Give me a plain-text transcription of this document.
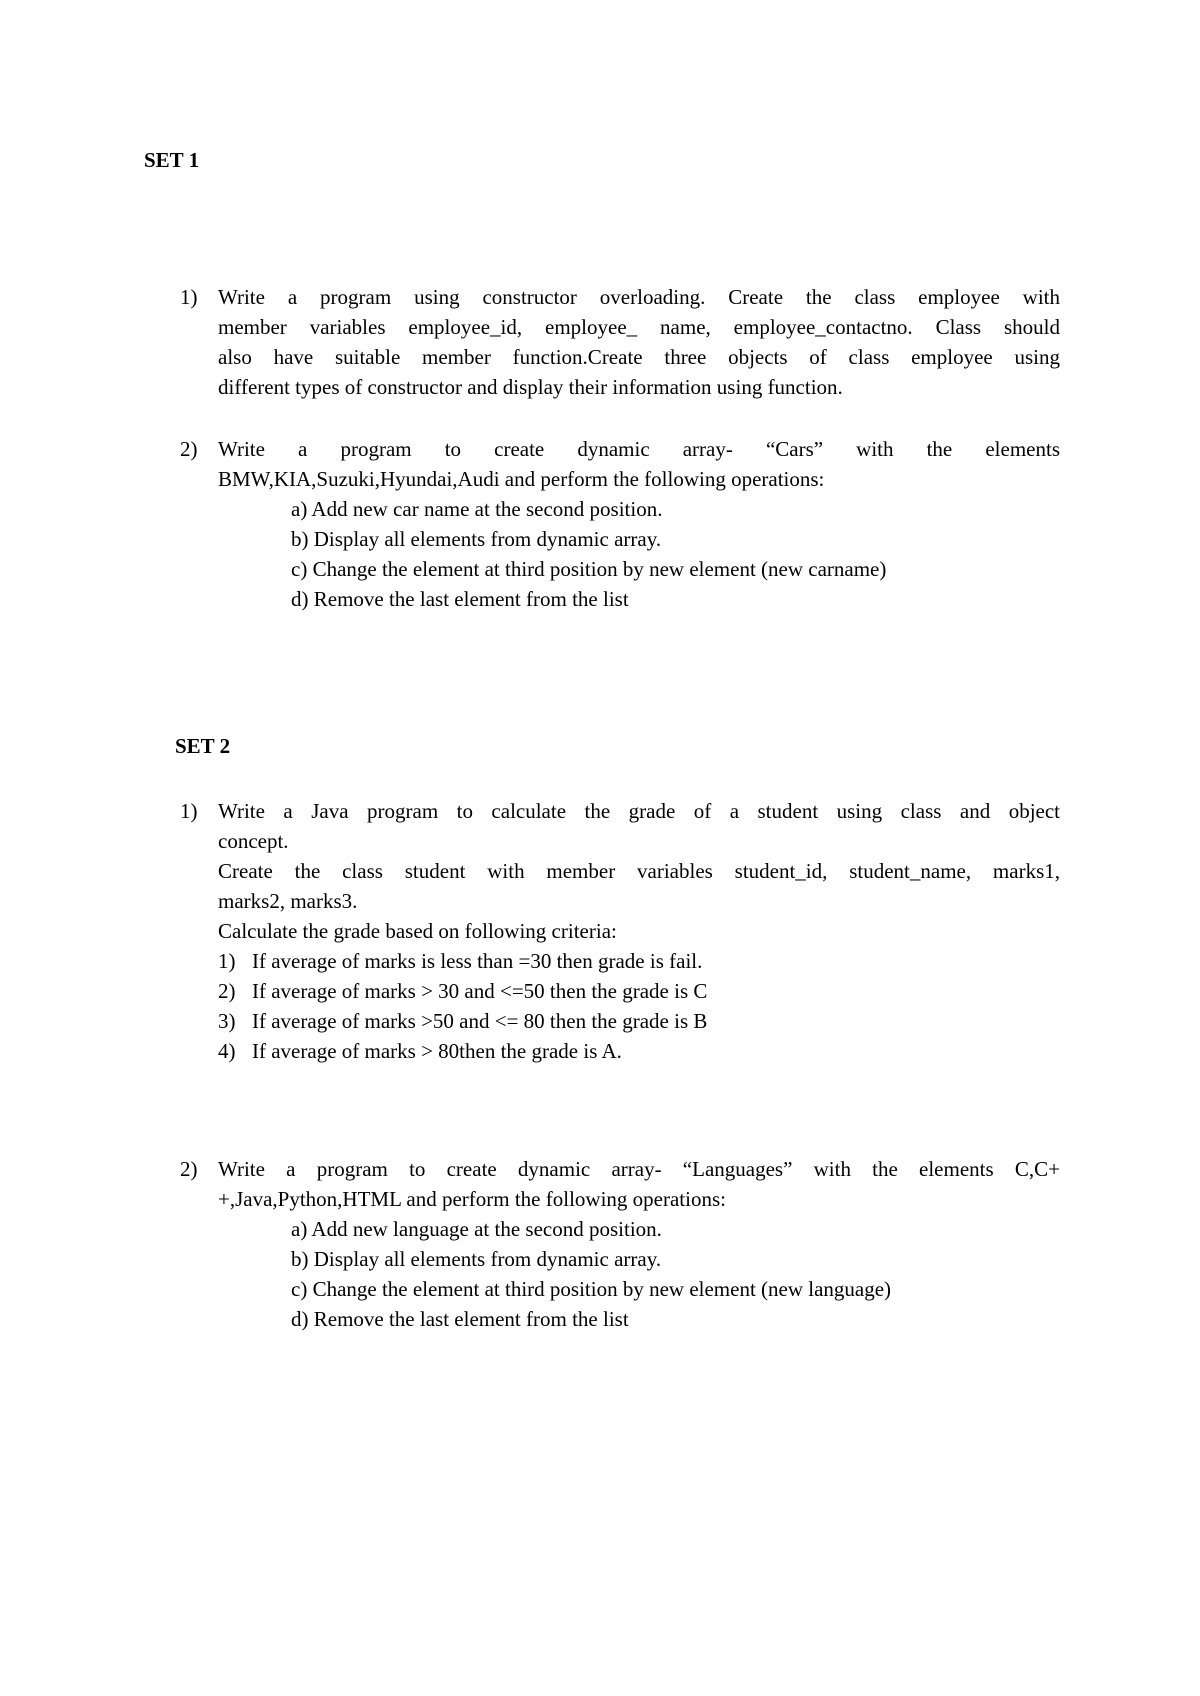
SET 1
1) Write a program using constructor overloading. Create the class employee with
member variables employee_id, employee_ name, employee_contactno. Class should
also have suitable member function.Create three objects of class employee using
different types of constructor and display their information using function.
2) Write a program to create dynamic array- “Cars” with the elements
BMW,KIA,Suzuki,Hyundai,Audi and perform the following operations:
a) Add new car name at the second position.
b) Display all elements from dynamic array.
c) Change the element at third position by new element (new carname)
d) Remove the last element from the list
SET 2
1) Write a Java program to calculate the grade of a student using class and object
concept.
Create the class student with member variables student_id, student_name, marks1,
marks2, marks3.
Calculate the grade based on following criteria:
1) If average of marks is less than =30 then grade is fail.
2) If average of marks > 30 and <=50 then the grade is C
3) If average of marks >50 and <= 80 then the grade is B
4) If average of marks > 80then the grade is A.
2) Write a program to create dynamic array- “Languages” with the elements C,C+
+,Java,Python,HTML and perform the following operations:
a) Add new language at the second position.
b) Display all elements from dynamic array.
c) Change the element at third position by new element (new language)
d) Remove the last element from the list
